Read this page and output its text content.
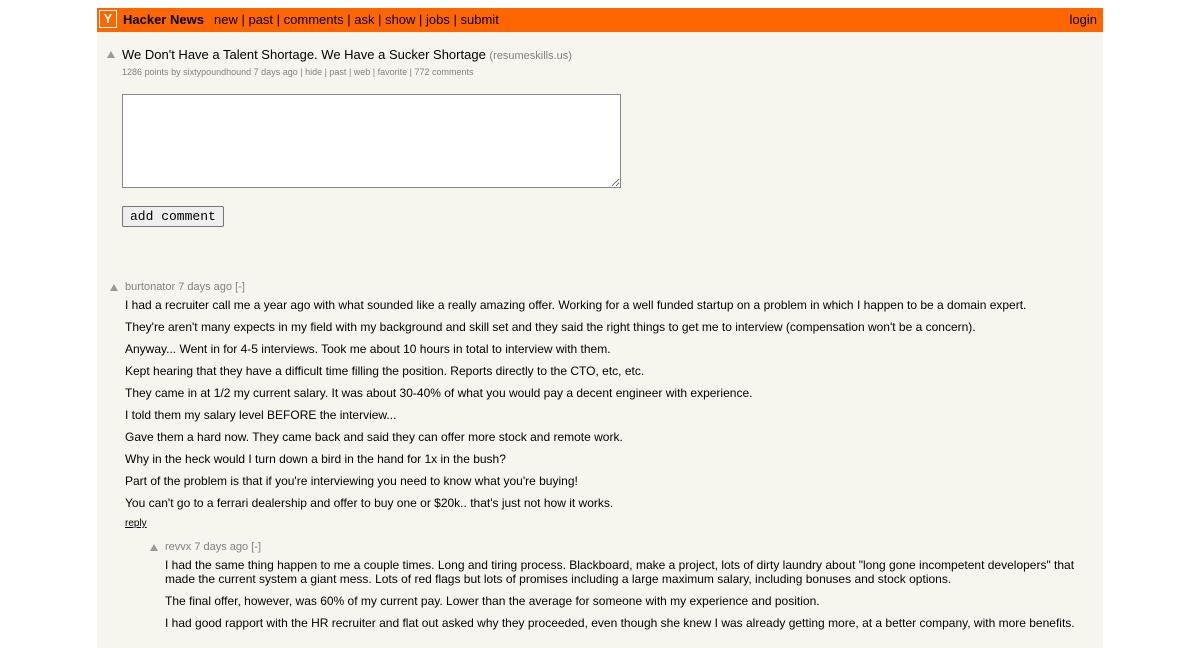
Y Hacker News new | past | comments | ask | show | jobs | submit	login
We Don't Have a Talent Shortage. We Have a Sucker Shortage (resumeskills.us)
1286 points by sixtypoundhound 7 days ago | hide | past | web | favorite | 772 comments
add comment
burtonator 7 days ago [-]
I had a recruiter call me a year ago with what sounded like a really amazing offer. Working for a well funded startup on a problem in which I happen to be a domain expert.
They're aren't many expects in my field with my background and skill set and they said the right things to get me to interview (compensation won't be a concern).
Anyway... Went in for 4-5 interviews. Took me about 10 hours in total to interview with them.
Kept hearing that they have a difficult time filling the position. Reports directly to the CTO, etc, etc.
They came in at 1/2 my current salary. It was about 30-40% of what you would pay a decent engineer with experience.
I told them my salary level BEFORE the interview...
Gave them a hard now. They came back and said they can offer more stock and remote work.
Why in the heck would I turn down a bird in the hand for 1x in the bush?
Part of the problem is that if you're interviewing you need to know what you're buying!
You can't go to a ferrari dealership and offer to buy one or $20k.. that's just not how it works.
reply
revvx 7 days ago [-]
I had the same thing happen to me a couple times. Long and tiring process. Blackboard, make a project, lots of dirty laundry about "long gone incompetent developers" that
made the current system a giant mess. Lots of red flags but lots of promises including a large maximum salary, including bonuses and stock options.
The final offer, however, was 60% of my current pay. Lower than the average for someone with my experience and position.
I had good rapport with the HR recruiter and flat out asked why they proceeded, even though she knew I was already getting more, at a better company, with more benefits.
